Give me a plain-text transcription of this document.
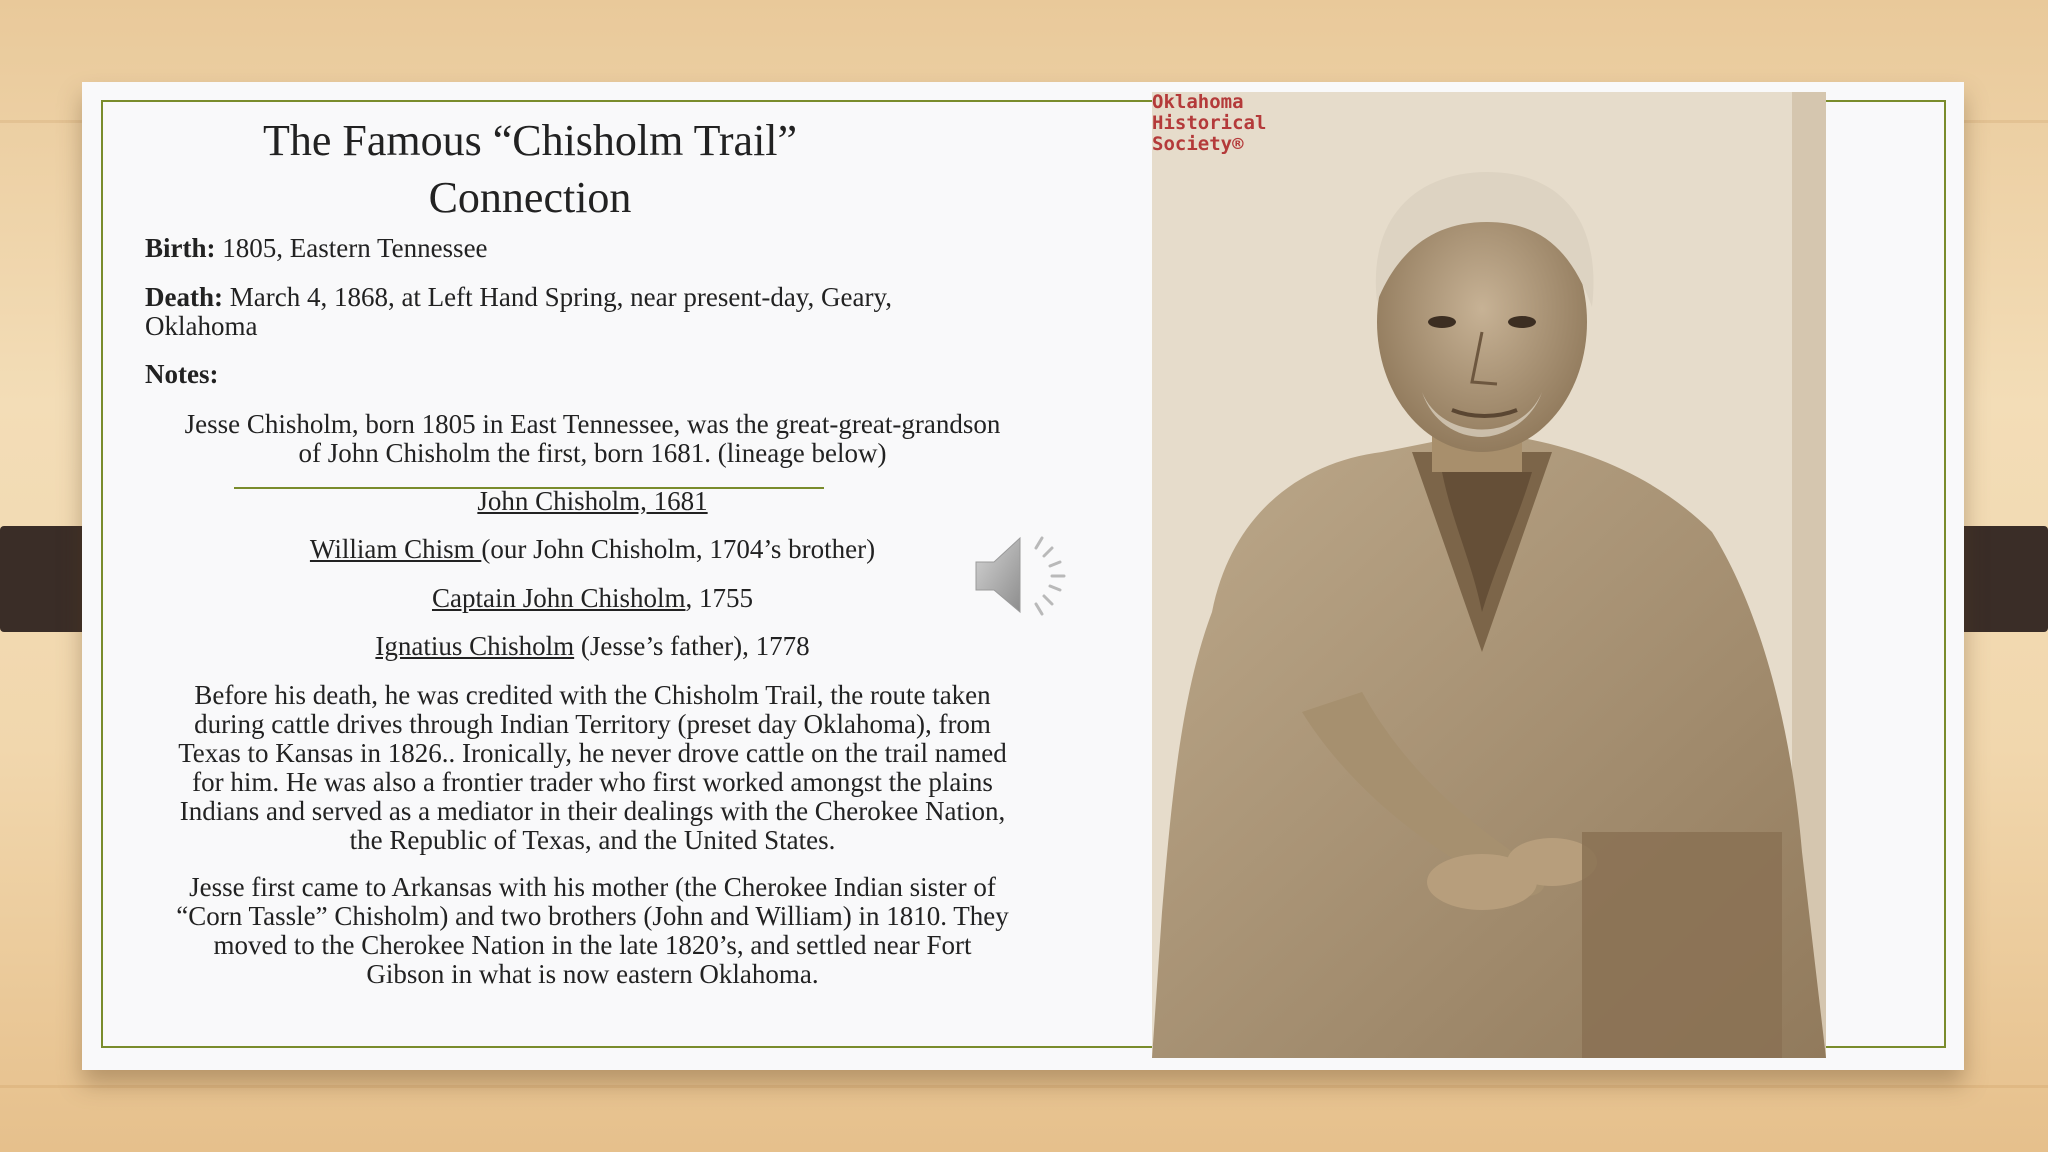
The Famous “Chisholm Trail”
Connection
Birth: 1805, Eastern Tennessee
Death: March 4, 1868, at Left Hand Spring, near present-day, Geary,
Oklahoma
Notes:
Jesse Chisholm, born 1805 in East Tennessee, was the great-great-grandson
of John Chisholm the first, born 1681. (lineage below)
John Chisholm, 1681
William Chism (our John Chisholm, 1704’s brother)
Captain John Chisholm, 1755
Ignatius Chisholm (Jesse’s father), 1778
Before his death, he was credited with the Chisholm Trail, the route taken
during cattle drives through Indian Territory (preset day Oklahoma), from
Texas to Kansas in 1826.. Ironically, he never drove cattle on the trail named
for him. He was also a frontier trader who first worked amongst the plains
Indians and served as a mediator in their dealings with the Cherokee Nation,
the Republic of Texas, and the United States.
Jesse first came to Arkansas with his mother (the Cherokee Indian sister of
“Corn Tassle” Chisholm) and two brothers (John and William) in 1810. They
moved to the Cherokee Nation in the late 1820’s, and settled near Fort
Gibson in what is now eastern Oklahoma.
Oklahoma
Historical
Society®
